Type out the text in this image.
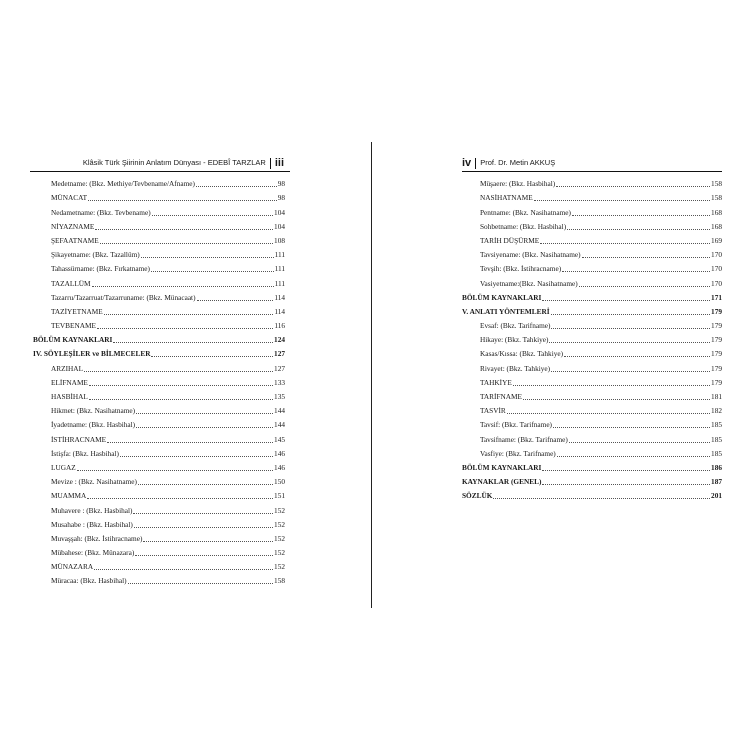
Klâsik Türk Şiirinin Anlatım Dünyası - EDEBÎ TARZLAR iii
Medetname: (Bkz. Methiye/Tevbename/Afname)	98
MÜNACAT	98
Nedametname: (Bkz. Tevbename)	104
NİYAZNAME	104
ŞEFAATNAME	108
Şikayetname: (Bkz. Tazallüm)	111
Tahassürname: (Bkz. Fırkatname)	111
TAZALLÜM	111
Tazarru/Tazarruat/Tazarruname: (Bkz. Münacaat)	114
TAZİYETNAME	114
TEVBENAME	116
BÖLÜM KAYNAKLARI	124
IV. SÖYLEŞİLER ve BİLMECELER	127
ARZIHAL	127
ELİFNAME	133
HASBİHAL	135
Hikmet: (Bkz. Nasihatname)	144
İyadetname: (Bkz. Hasbihal)	144
İSTİHRACNAME	145
İstişfa: (Bkz. Hasbihal)	146
LUGAZ	146
Mevize : (Bkz. Nasihatname)	150
MUAMMA	151
Muhavere : (Bkz. Hasbihal)	152
Musahabe : (Bkz. Hasbihal)	152
Muvaşşah: (Bkz. İstihracname)	152
Mübahese: (Bkz. Münazara)	152
MÜNAZARA	152
Müracaa: (Bkz. Hasbihal)	158
iv Prof. Dr. Metin AKKUŞ
Müşaere: (Bkz. Hasbihal)	158
NASİHATNAME	158
Pentname: (Bkz. Nasihatname)	168
Sohbetname: (Bkz. Hasbihal)	168
TARİH DÜŞÜRME	169
Tavsiyename: (Bkz. Nasihatname)	170
Tevşih: (Bkz. İstihracname)	170
Vasiyetname:(Bkz. Nasihatname)	170
BÖLÜM KAYNAKLARI	171
V. ANLATI YÖNTEMLERİ	179
Evsaf: (Bkz. Tarifname)	179
Hikaye: (Bkz. Tahkiye)	179
Kasas/Kıssa: (Bkz. Tahkiye)	179
Rivayet: (Bkz. Tahkiye)	179
TAHKİYE	179
TARİFNAME	181
TASVİR	182
Tavsif: (Bkz. Tarifname)	185
Tavsifname: (Bkz. Tarifname)	185
Vasfiye: (Bkz. Tarifname)	185
BÖLÜM KAYNAKLARI	186
KAYNAKLAR (GENEL)	187
SÖZLÜK	201
